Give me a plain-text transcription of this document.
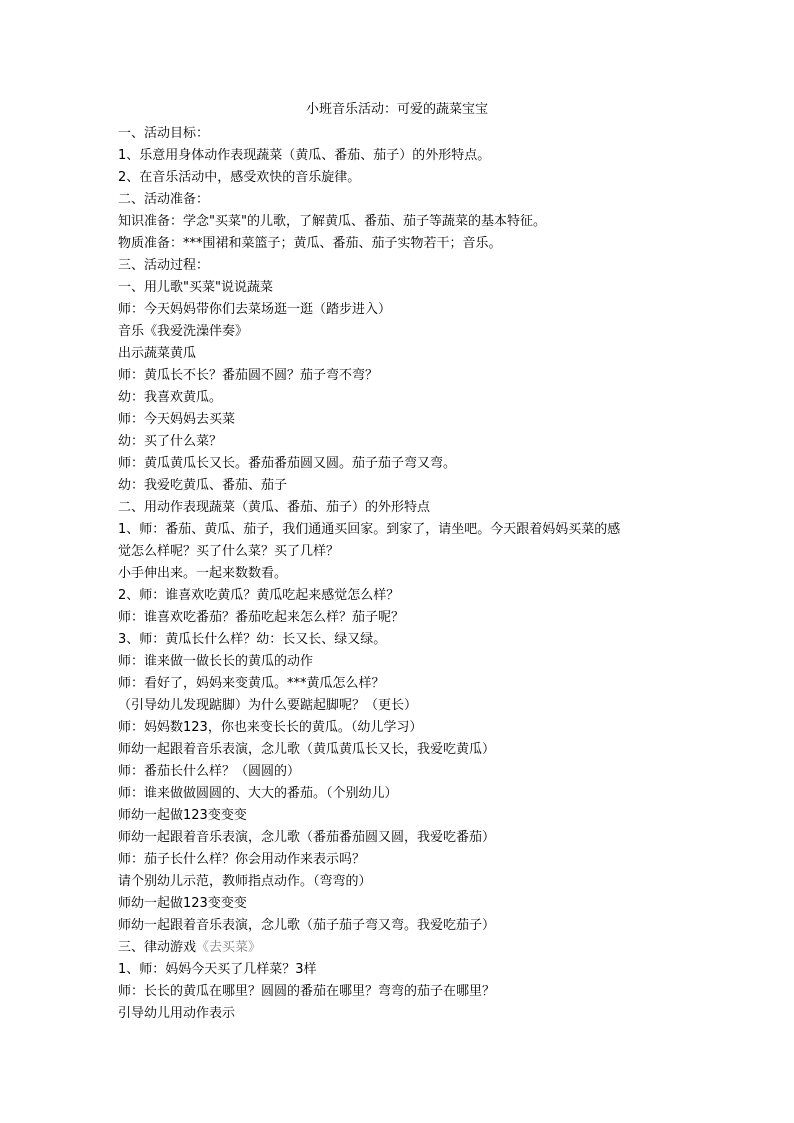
小班音乐活动：可爱的蔬菜宝宝
一、活动目标：
1、乐意用身体动作表现蔬菜（黄瓜、番茄、茄子）的外形特点。
2、在音乐活动中，感受欢快的音乐旋律。
二、活动准备：
知识准备：学念"买菜"的儿歌，了解黄瓜、番茄、茄子等蔬菜的基本特征。
物质准备：***围裙和菜篮子；黄瓜、番茄、茄子实物若干；音乐。
三、活动过程：
一、用儿歌"买菜"说说蔬菜
师：今天妈妈带你们去菜场逛一逛（踏步进入）
音乐《我爱洗澡伴奏》
出示蔬菜黄瓜
师：黄瓜长不长？番茄圆不圆？茄子弯不弯？
幼：我喜欢黄瓜。
师：今天妈妈去买菜
幼：买了什么菜？
师：黄瓜黄瓜长又长。番茄番茄圆又圆。茄子茄子弯又弯。
幼：我爱吃黄瓜、番茄、茄子
二、用动作表现蔬菜（黄瓜、番茄、茄子）的外形特点
1、师：番茄、黄瓜、茄子，我们通通买回家。到家了，请坐吧。今天跟着妈妈买菜的感
觉怎么样呢？买了什么菜？买了几样？
小手伸出来。一起来数数看。
2、师：谁喜欢吃黄瓜？黄瓜吃起来感觉怎么样？
师：谁喜欢吃番茄？番茄吃起来怎么样？茄子呢？
3、师：黄瓜长什么样？幼：长又长、绿又绿。
师：谁来做一做长长的黄瓜的动作
师：看好了，妈妈来变黄瓜。***黄瓜怎么样？
（引导幼儿发现踮脚）为什么要踮起脚呢？（更长）
师：妈妈数123，你也来变长长的黄瓜。（幼儿学习）
师幼一起跟着音乐表演，念儿歌（黄瓜黄瓜长又长，我爱吃黄瓜）
师：番茄长什么样？（圆圆的）
师：谁来做做圆圆的、大大的番茄。（个别幼儿）
师幼一起做123变变变
师幼一起跟着音乐表演，念儿歌（番茄番茄圆又圆，我爱吃番茄）
师：茄子长什么样？你会用动作来表示吗？
请个别幼儿示范，教师指点动作。（弯弯的）
师幼一起做123变变变
师幼一起跟着音乐表演，念儿歌（茄子茄子弯又弯。我爱吃茄子）
三、律动游戏《去买菜》
1、师：妈妈今天买了几样菜？3样
师：长长的黄瓜在哪里？圆圆的番茄在哪里？弯弯的茄子在哪里？
引导幼儿用动作表示
